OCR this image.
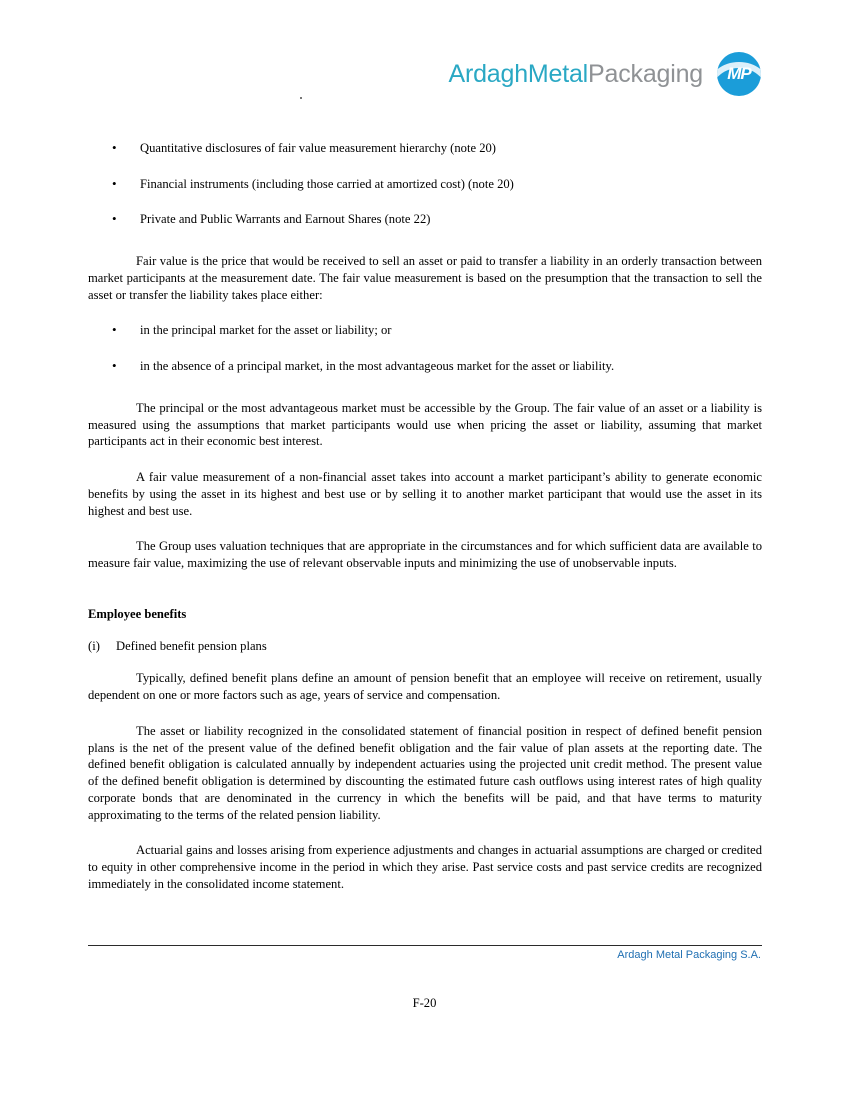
ArdaghMetalPackaging	MP
• Quantitative disclosures of fair value measurement hierarchy (note 20)
• Financial instruments (including those carried at amortized cost) (note 20)
• Private and Public Warrants and Earnout Shares (note 22)

Fair value is the price that would be received to sell an asset or paid to transfer a liability in an orderly transaction between market participants at the measurement date. The fair value measurement is based on the presumption that the transaction to sell the asset or transfer the liability takes place either:

• in the principal market for the asset or liability; or
• in the absence of a principal market, in the most advantageous market for the asset or liability.

The principal or the most advantageous market must be accessible by the Group. The fair value of an asset or a liability is measured using the assumptions that market participants would use when pricing the asset or liability, assuming that market participants act in their economic best interest.

A fair value measurement of a non-financial asset takes into account a market participant’s ability to generate economic benefits by using the asset in its highest and best use or by selling it to another market participant that would use the asset in its highest and best use.

The Group uses valuation techniques that are appropriate in the circumstances and for which sufficient data are available to measure fair value, maximizing the use of relevant observable inputs and minimizing the use of unobservable inputs.

Employee benefits
(i) Defined benefit pension plans

Typically, defined benefit plans define an amount of pension benefit that an employee will receive on retirement, usually dependent on one or more factors such as age, years of service and compensation.

The asset or liability recognized in the consolidated statement of financial position in respect of defined benefit pension plans is the net of the present value of the defined benefit obligation and the fair value of plan assets at the reporting date. The defined benefit obligation is calculated annually by independent actuaries using the projected unit credit method. The present value of the defined benefit obligation is determined by discounting the estimated future cash outflows using interest rates of high quality corporate bonds that are denominated in the currency in which the benefits will be paid, and that have terms to maturity approximating to the terms of the related pension liability.

Actuarial gains and losses arising from experience adjustments and changes in actuarial assumptions are charged or credited to equity in other comprehensive income in the period in which they arise. Past service costs and past service credits are recognized immediately in the consolidated income statement.

Ardagh Metal Packaging S.A.
F-20
